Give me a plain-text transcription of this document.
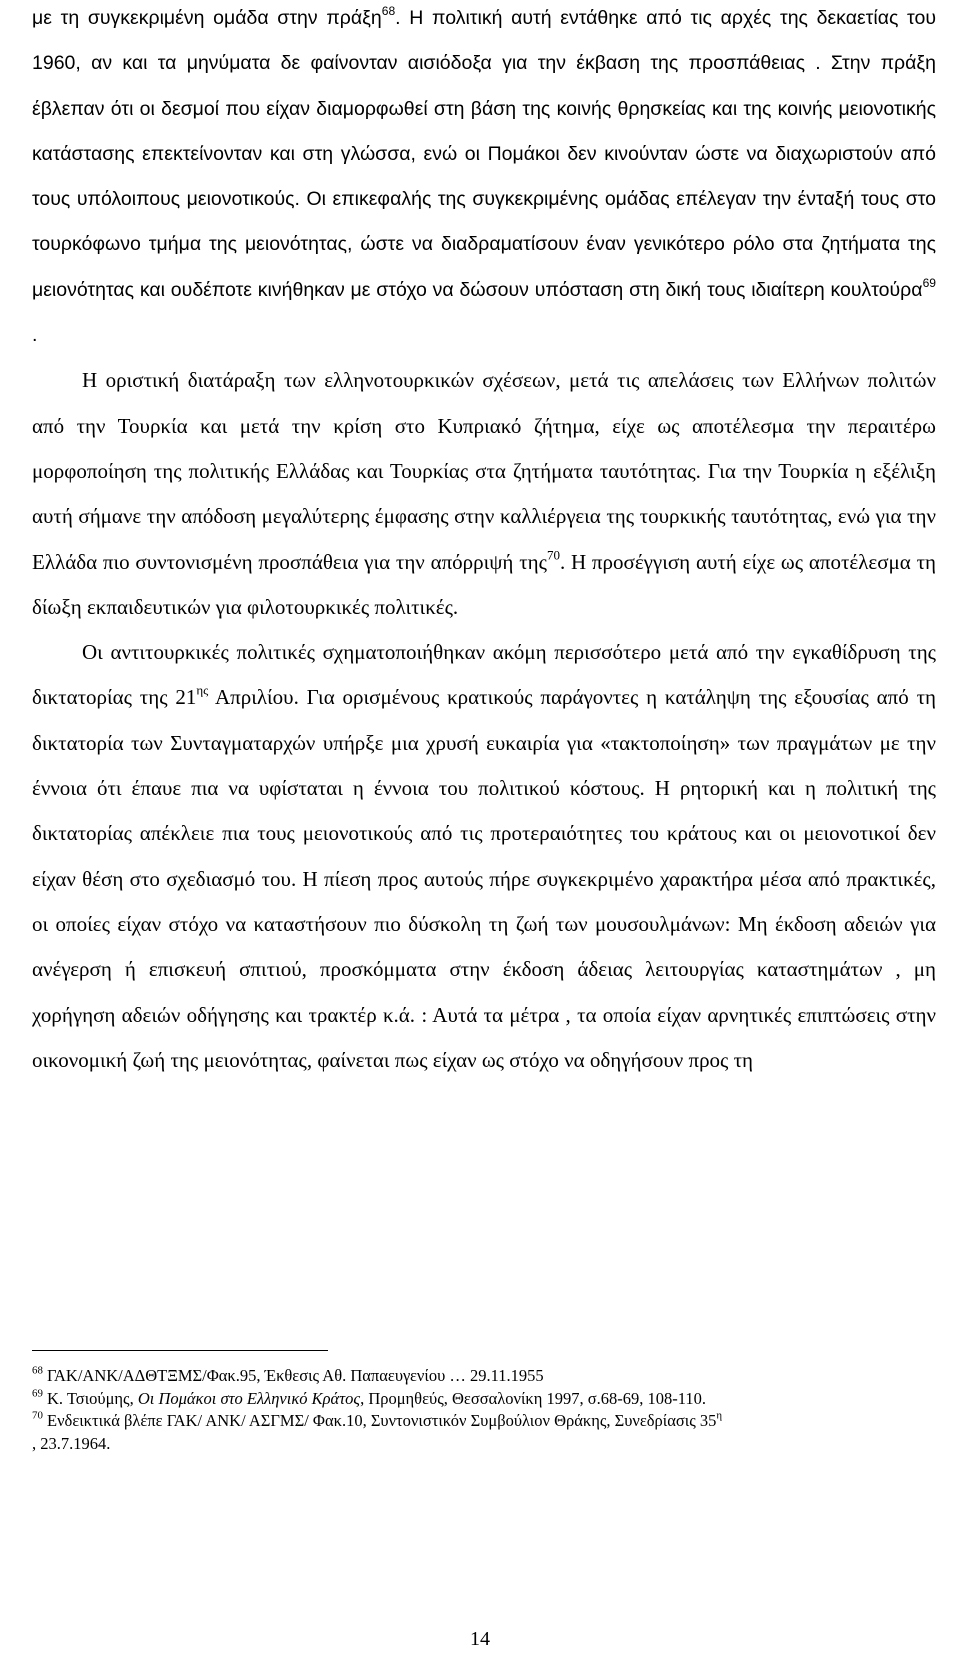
με τη συγκεκριμένη ομάδα στην πράξη$^{68}$. Η πολιτική αυτή εντάθηκε από τις αρχές της δεκαετίας του 1960, αν και τα μηνύματα δε φαίνονταν αισιόδοξα για την έκβαση της προσπάθειας . Στην πράξη έβλεπαν ότι οι δεσμοί που είχαν διαμορφωθεί στη βάση της κοινής θρησκείας και της κοινής μειονοτικής κατάστασης επεκτείνονταν και στη γλώσσα, ενώ οι Πομάκοι δεν κινούνταν ώστε να διαχωριστούν από τους υπόλοιπους μειονοτικούς. Οι επικεφαλής της συγκεκριμένης ομάδας επέλεγαν την ένταξή τους στο τουρκόφωνο τμήμα της μειονότητας, ώστε να διαδραματίσουν έναν γενικότερο ρόλο στα ζητήματα της μειονότητας και ουδέποτε κινήθηκαν με στόχο να δώσουν υπόσταση στη δική τους ιδιαίτερη κουλτούρα$^{69}$ .

Η οριστική διατάραξη των ελληνοτουρκικών σχέσεων, μετά τις απελάσεις των Ελλήνων πολιτών από την Τουρκία και μετά την κρίση στο Κυπριακό ζήτημα, είχε ως αποτέλεσμα την περαιτέρω μορφοποίηση της πολιτικής Ελλάδας και Τουρκίας στα ζητήματα ταυτότητας. Για την Τουρκία η εξέλιξη αυτή σήμανε την απόδοση μεγαλύτερης έμφασης στην καλλιέργεια της τουρκικής ταυτότητας, ενώ για την Ελλάδα πιο συντονισμένη προσπάθεια για την απόρριψή της$^{70}$. Η προσέγγιση αυτή είχε ως αποτέλεσμα τη δίωξη εκπαιδευτικών για φιλοτουρκικές πολιτικές.

Οι αντιτουρκικές πολιτικές σχηματοποιήθηκαν ακόμη περισσότερο μετά από την εγκαθίδρυση της δικτατορίας της $21^{\eta\varsigma}$ Απριλίου. Για ορισμένους κρατικούς παράγοντες η κατάληψη της εξουσίας από τη δικτατορία των Συνταγματαρχών υπήρξε μια χρυσή ευκαιρία για «τακτοποίηση» των πραγμάτων με την έννοια ότι έπαυε πια να υφίσταται η έννοια του πολιτικού κόστους. Η ρητορική και η πολιτική της δικτατορίας απέκλειε πια τους μειονοτικούς από τις προτεραιότητες του κράτους και οι μειονοτικοί δεν είχαν θέση στο σχεδιασμό του. Η πίεση προς αυτούς πήρε συγκεκριμένο χαρακτήρα μέσα από πρακτικές, οι οποίες είχαν στόχο να καταστήσουν πιο δύσκολη τη ζωή των μουσουλμάνων: Μη έκδοση αδειών για ανέγερση ή επισκευή σπιτιού, προσκόμματα στην έκδοση άδειας λειτουργίας καταστημάτων , μη χορήγηση αδειών οδήγησης και τρακτέρ κ.ά. : Αυτά τα μέτρα , τα οποία είχαν αρνητικές επιπτώσεις στην οικονομική ζωή της μειονότητας, φαίνεται πως είχαν ως στόχο να οδηγήσουν προς τη

$^{68}$ ΓΑΚ/ΑΝΚ/ΑΔΘΤΞΜΣ/Φακ.95, Έκθεσις Αθ. Παπαευγενίου … 29.11.1955
$^{69}$ Κ. Τσιούμης, Οι Πομάκοι στο Ελληνικό Κράτος, Προμηθεύς, Θεσσαλονίκη 1997, σ.68-69, 108-110.
$^{70}$ Ενδεικτικά βλέπε ΓΑΚ/ ΑΝΚ/ ΑΣΓΜΣ/ Φακ.10, Συντονιστικόν Συμβούλιον Θράκης, Συνεδρίασις $35^\eta$
, 23.7.1964.
14
